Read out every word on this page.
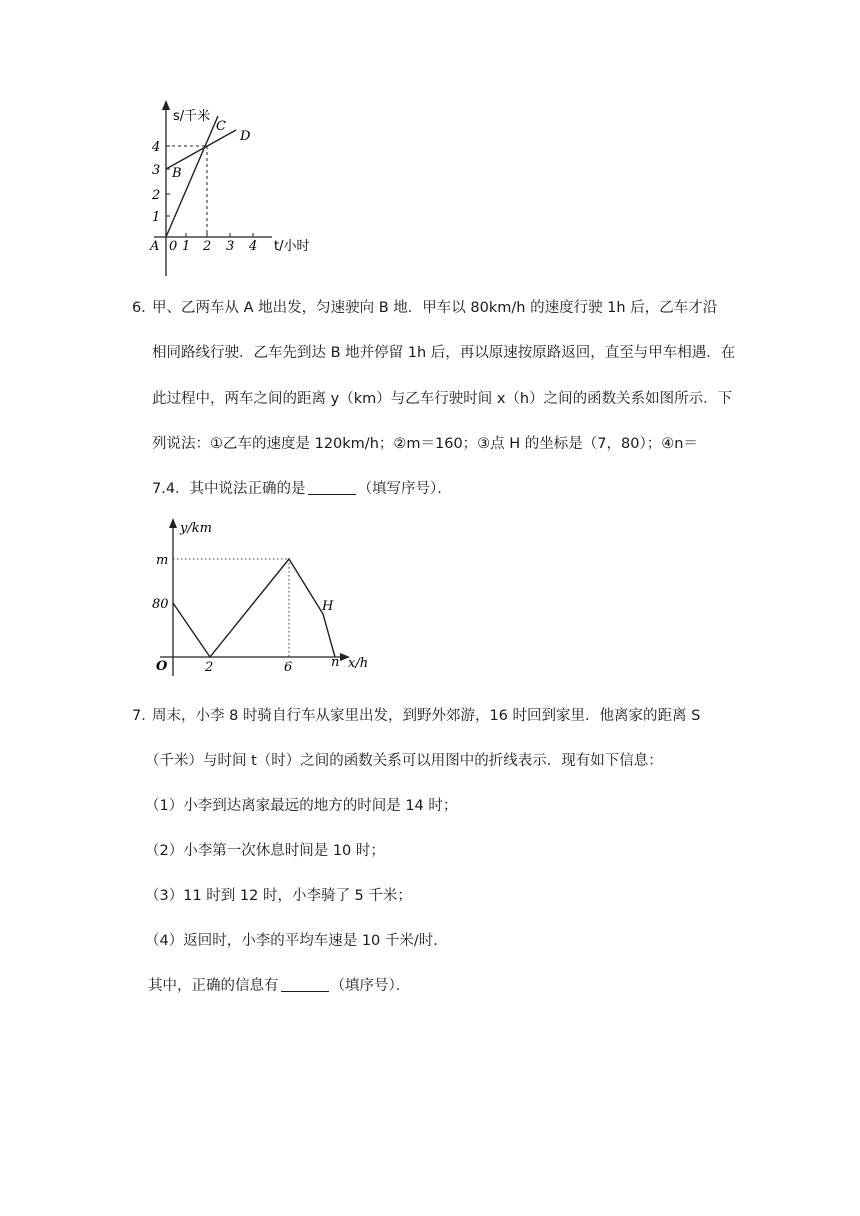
1
2
3
4
0 1 2 3 4
A
B
C
D
s/千米
t/小时
6．
甲、乙两车从 A 地出发，匀速驶向 B 地．甲车以 80km/h 的速度行驶 1h 后，乙车才沿
相同路线行驶．乙车先到达 B 地并停留 1h 后，再以原速按原路返回，直至与甲车相遇．在
此过程中，两车之间的距离 y（km）与乙车行驶时间 x（h）之间的函数关系如图所示．下
列说法：①乙车的速度是 120km/h；②m＝160；③点 H 的坐标是（7，80）；④n＝
7.4．其中说法正确的是	（填写序号）．
m
80
O	2	6	n
H
y/km
x/h
7．
周末，小李 8 时骑自行车从家里出发，到野外郊游，16 时回到家里．他离家的距离 S
（千米）与时间 t（时）之间的函数关系可以用图中的折线表示．现有如下信息：
（1）小李到达离家最远的地方的时间是 14 时；
（2）小李第一次休息时间是 10 时；
（3）11 时到 12 时，小李骑了 5 千米；
（4）返回时，小李的平均车速是 10 千米/时．
其中，正确的信息有	（填序号）．
